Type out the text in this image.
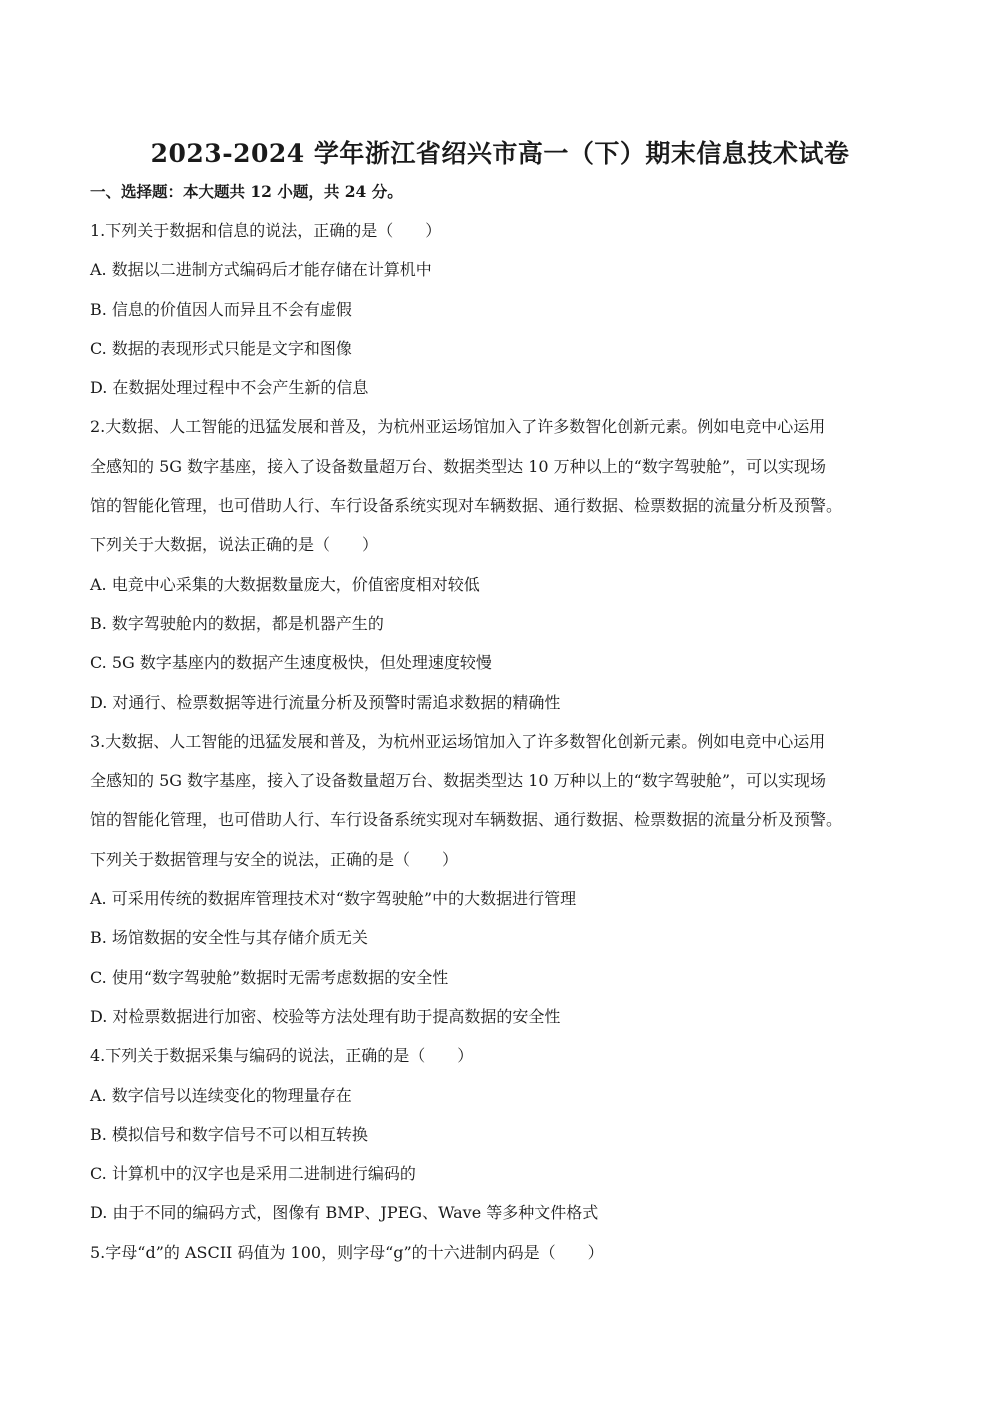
2023-2024 学年浙江省绍兴市高一（下）期末信息技术试卷
一、选择题：本大题共 12 小题，共 24 分。
1.下列关于数据和信息的说法，正确的是（　　）
A. 数据以二进制方式编码后才能存储在计算机中
B. 信息的价值因人而异且不会有虚假
C. 数据的表现形式只能是文字和图像
D. 在数据处理过程中不会产生新的信息
2.大数据、人工智能的迅猛发展和普及，为杭州亚运场馆加入了许多数智化创新元素。例如电竞中心运用
全感知的 5G 数字基座，接入了设备数量超万台、数据类型达 10 万种以上的“数字驾驶舱”，可以实现场
馆的智能化管理，也可借助人行、车行设备系统实现对车辆数据、通行数据、检票数据的流量分析及预警。
下列关于大数据，说法正确的是（　　）
A. 电竞中心采集的大数据数量庞大，价值密度相对较低
B. 数字驾驶舱内的数据，都是机器产生的
C. 5G 数字基座内的数据产生速度极快，但处理速度较慢
D. 对通行、检票数据等进行流量分析及预警时需追求数据的精确性
3.大数据、人工智能的迅猛发展和普及，为杭州亚运场馆加入了许多数智化创新元素。例如电竞中心运用
全感知的 5G 数字基座，接入了设备数量超万台、数据类型达 10 万种以上的“数字驾驶舱”，可以实现场
馆的智能化管理，也可借助人行、车行设备系统实现对车辆数据、通行数据、检票数据的流量分析及预警。
下列关于数据管理与安全的说法，正确的是（　　）
A. 可采用传统的数据库管理技术对“数字驾驶舱”中的大数据进行管理
B. 场馆数据的安全性与其存储介质无关
C. 使用“数字驾驶舱”数据时无需考虑数据的安全性
D. 对检票数据进行加密、校验等方法处理有助于提高数据的安全性
4.下列关于数据采集与编码的说法，正确的是（　　）
A. 数字信号以连续变化的物理量存在
B. 模拟信号和数字信号不可以相互转换
C. 计算机中的汉字也是采用二进制进行编码的
D. 由于不同的编码方式，图像有 BMP、JPEG、Wave 等多种文件格式
5.字母“d”的 ASCII 码值为 100，则字母“g”的十六进制内码是（　　）
